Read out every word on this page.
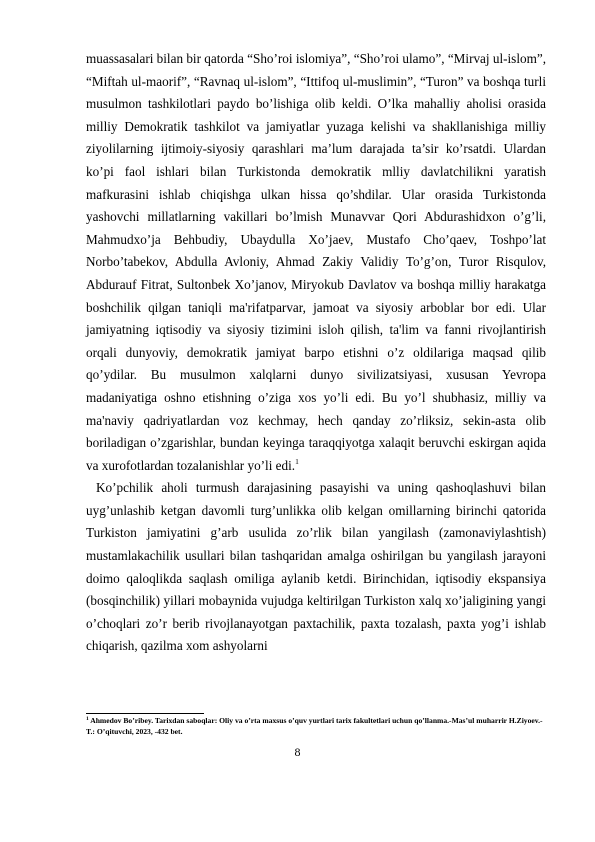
muassasalari bilan bir qatorda “Sho’roi islomiya”, “Sho’roi ulamo”, “Mirvaj ul-islom”, “Miftah ul-maorif”, “Ravnaq ul-islom”, “Ittifoq ul-muslimin”, “Turon” va boshqa turli musulmon tashkilotlari paydo bo’lishiga olib keldi. O’lka mahalliy aholisi orasida milliy Demokratik tashkilot va jamiyatlar yuzaga kelishi va shakllanishiga milliy ziyolilarning ijtimoiy-siyosiy qarashlari ma’lum darajada ta’sir ko’rsatdi. Ulardan ko’pi faol ishlari bilan Turkistonda demokratik mlliy davlatchilikni yaratish mafkurasini ishlab chiqishga ulkan hissa qo’shdilar. Ular orasida Turkistonda yashovchi millatlarning vakillari bo’lmish Munavvar Qori Abdurashidxon o’g’li, Mahmudxo’ja Behbudiy, Ubaydulla Xo’jaev, Mustafo Cho’qaev, Toshpo’lat Norbo’tabekov, Abdulla Avloniy, Ahmad Zakiy Validiy To’g’on, Turor Risqulov, Abdurauf Fitrat, Sultonbek Xo’janov, Miryokub Davlatov va boshqa milliy harakatga boshchilik qilgan taniqli ma'rifatparvar, jamoat va siyosiy arboblar bor edi. Ular jamiyatning iqtisodiy va siyosiy tizimini isloh qilish, ta'lim va fanni rivojlantirish orqali dunyoviy, demokratik jamiyat barpo etishni o’z oldilariga maqsad qilib qo’ydilar. Bu musulmon xalqlarni dunyo sivilizatsiyasi, xususan Yevropa madaniyatiga oshno etishning o’ziga xos yo’li edi. Bu yo’l shubhasiz, milliy va ma'naviy qadriyatlardan voz kechmay, hech qanday zo’rliksiz, sekin-asta olib boriladigan o’zgarishlar, bundan keyinga taraqqiyotga xalaqit beruvchi eskirgan aqida va xurofotlardan tozalanishlar yo’li edi.$^1$

Ko’pchilik aholi turmush darajasining pasayishi va uning qashoqlashuvi bilan uyg’unlashib ketgan davomli turg’unlikka olib kelgan omillarning birinchi qatorida Turkiston jamiyatini g’arb usulida zo’rlik bilan yangilash (zamonaviylashtish) mustamlakachilik usullari bilan tashqaridan amalga oshirilgan bu yangilash jarayoni doimo qaloqlikda saqlash omiliga aylanib ketdi. Birinchidan, iqtisodiy ekspansiya (bosqinchilik) yillari mobaynida vujudga keltirilgan Turkiston xalq xo’jaligining yangi o’choqlari zo’r berib rivojlanayotgan paxtachilik, paxta tozalash, paxta yog’i ishlab chiqarish, qazilma xom ashyolarni

$^1$ Ahmedov Bo’ribey. Tarixdan saboqlar: Oliy va o’rta maxsus o’quv yurtlari tarix fakultetlari uchun qo’llanma.-Mas’ul muharrir H.Ziyoev.-T.: O’qituvchi, 2023, -432 bet.
8
